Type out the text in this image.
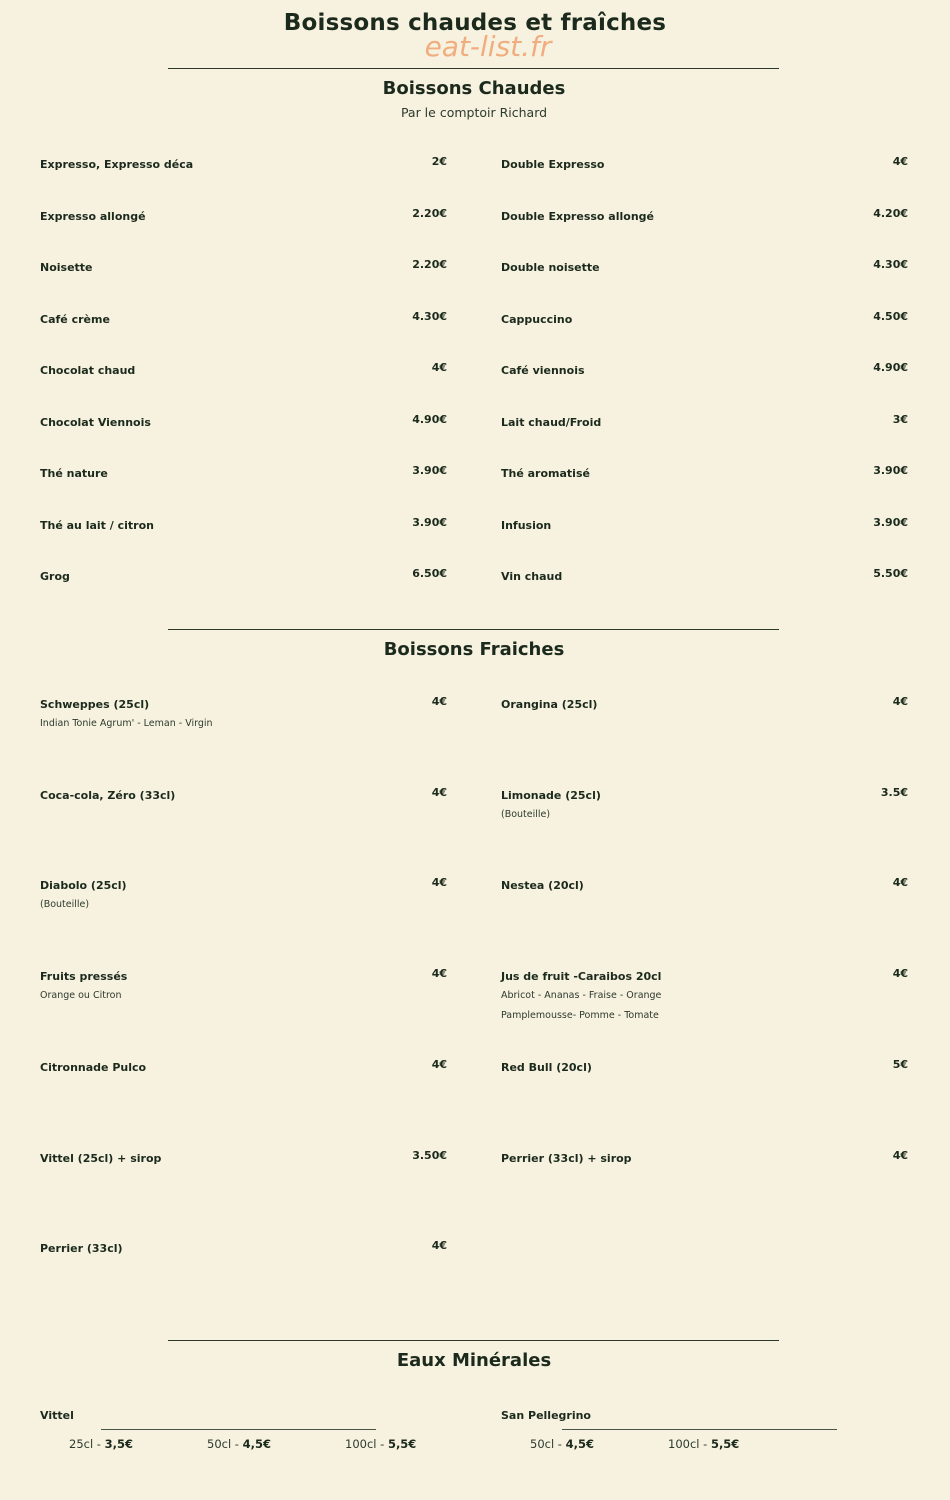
Boissons chaudes et fraîches
eat-list.fr
Boissons Chaudes
Par le comptoir Richard
Expresso, Expresso déca	2€
Expresso allongé	2.20€
Noisette	2.20€
Café crème	4.30€
Chocolat chaud	4€
Chocolat Viennois	4.90€
Thé nature	3.90€
Thé au lait / citron	3.90€
Grog	6.50€
Double Expresso	4€
Double Expresso allongé	4.20€
Double noisette	4.30€
Cappuccino	4.50€
Café viennois	4.90€
Lait chaud/Froid	3€
Thé aromatisé	3.90€
Infusion	3.90€
Vin chaud	5.50€
Boissons Fraiches
Schweppes (25cl)	4€
Indian Tonie Agrum' - Leman - Virgin
Coca-cola, Zéro (33cl)	4€
Diabolo (25cl)	4€
(Bouteille)
Fruits pressés	4€
Orange ou Citron
Citronnade Pulco	4€
Vittel (25cl) + sirop	3.50€
Perrier (33cl)	4€
Orangina (25cl)	4€
Limonade (25cl)	3.5€
(Bouteille)
Nestea (20cl)	4€
Jus de fruit -Caraibos 20cl	4€
Abricot - Ananas - Fraise - Orange
Pamplemousse- Pomme - Tomate
Red Bull (20cl)	5€
Perrier (33cl) + sirop	4€
Eaux Minérales
Vittel
25cl - 3,5€	50cl - 4,5€	100cl - 5,5€
San Pellegrino
50cl - 4,5€	100cl - 5,5€
